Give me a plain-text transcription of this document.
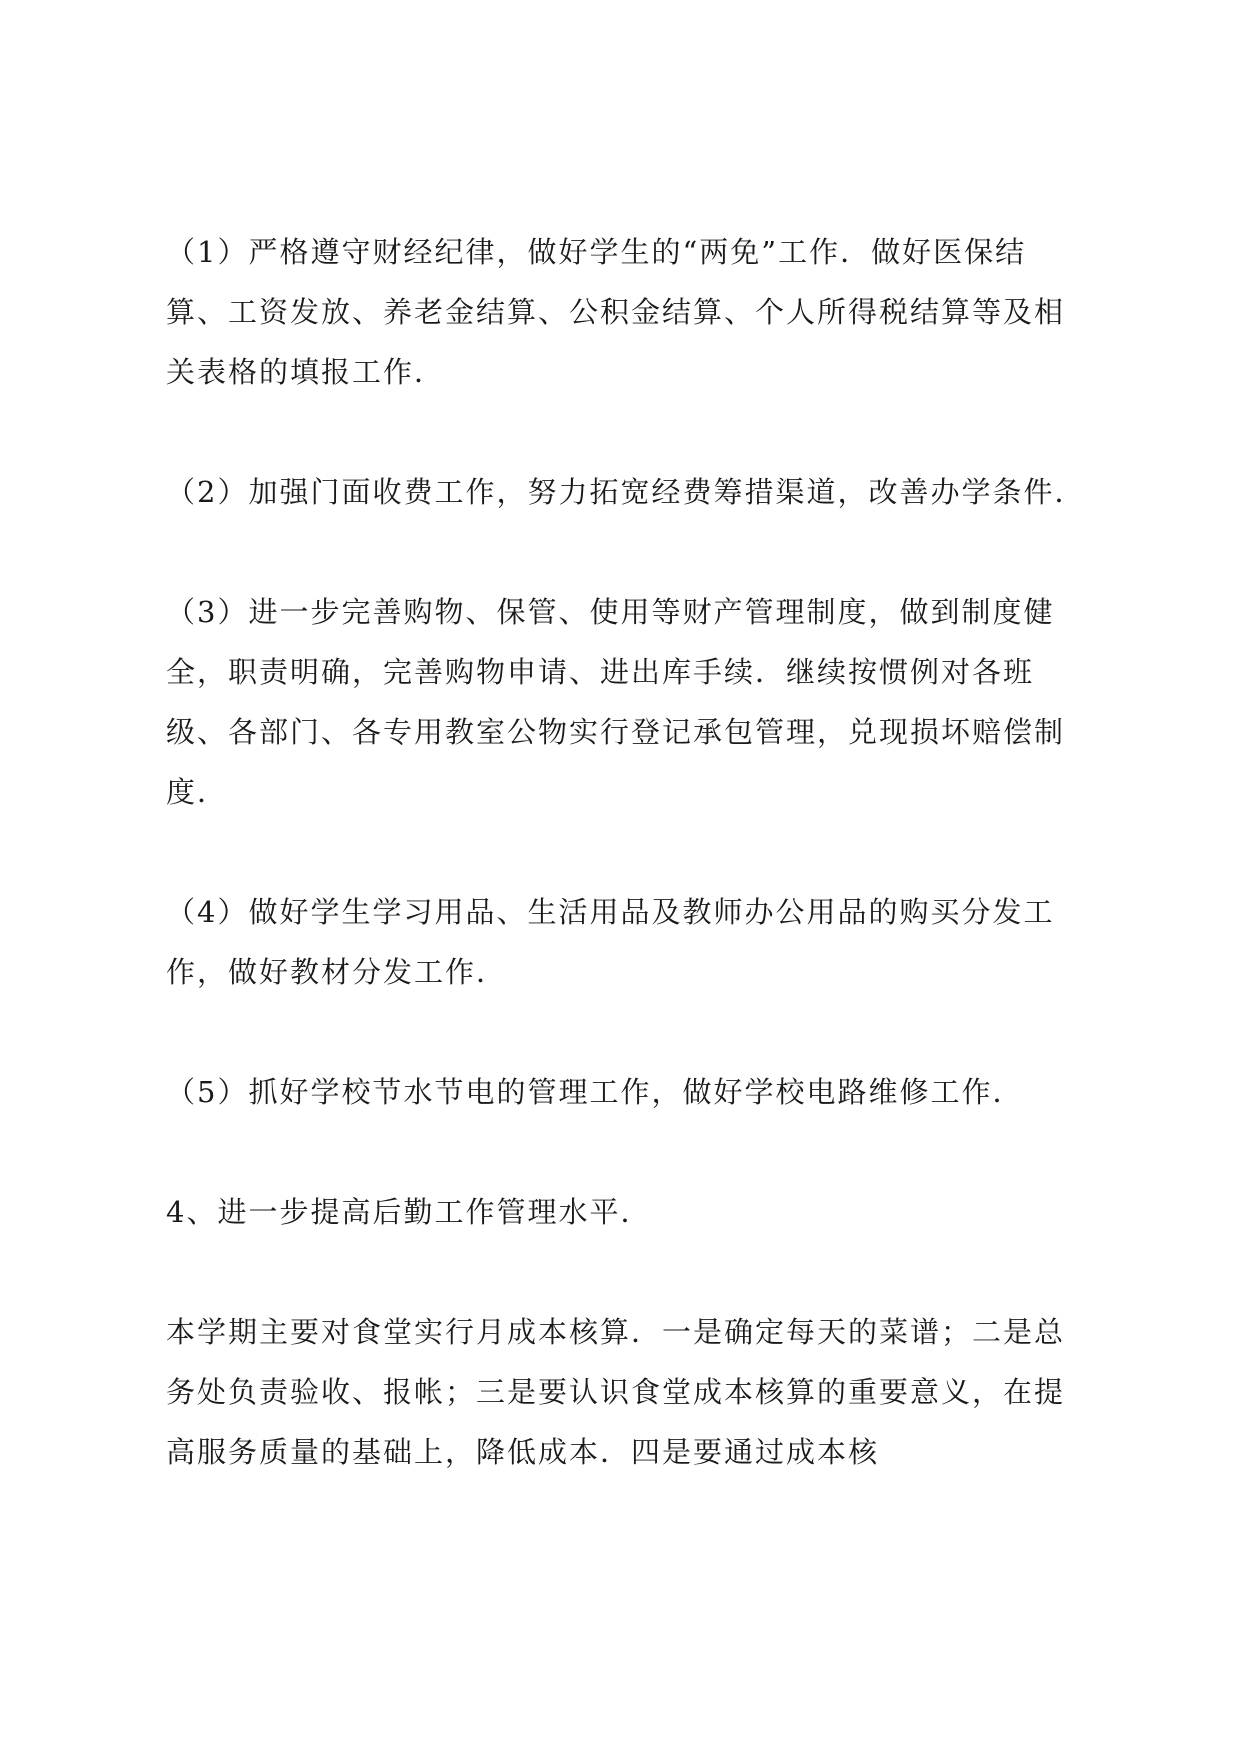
（1）严格遵守财经纪律，做好学生的“两免”工作．做好医保结算、工资发放、养老金结算、公积金结算、个人所得税结算等及相关表格的填报工作．

（2）加强门面收费工作，努力拓宽经费筹措渠道，改善办学条件．

（3）进一步完善购物、保管、使用等财产管理制度，做到制度健全，职责明确，完善购物申请、进出库手续．继续按惯例对各班级、各部门、各专用教室公物实行登记承包管理，兑现损坏赔偿制度．

（4）做好学生学习用品、生活用品及教师办公用品的购买分发工作，做好教材分发工作．

（5）抓好学校节水节电的管理工作，做好学校电路维修工作．

4、进一步提高后勤工作管理水平．

本学期主要对食堂实行月成本核算．一是确定每天的菜谱；二是总务处负责验收、报帐；三是要认识食堂成本核算的重要意义，在提高服务质量的基础上，降低成本．四是要通过成本核
